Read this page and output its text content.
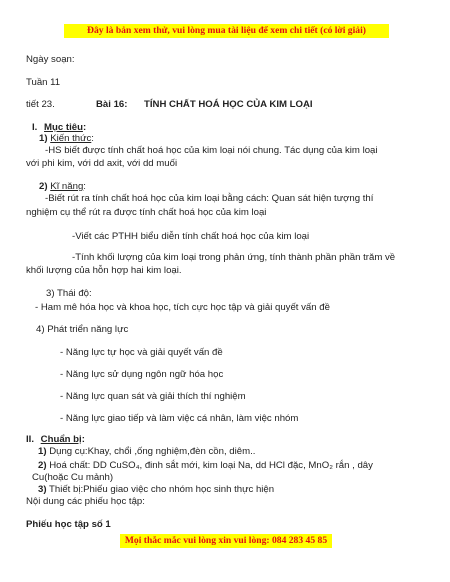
Đây là bản xem thử, vui lòng mua tài liệu để xem chi tiết (có lời giải)
Ngày soạn:
Tuần 11
tiết 23.	Bài 16: TÍNH CHẤT HOÁ HỌC CỦA KIM LOẠI
I. Mục tiêu:
1) Kiến thức:
-HS biết được tính chất hoá học của kim loại nói chung. Tác dụng của kim loại
với phi kim, với dd axit, với dd muối
2) Kĩ năng:
-Biết rút ra tính chất hoá học của kim loại bằng cách: Quan sát hiện tượng thí
nghiệm cụ thể rút ra được tính chất hoá học của kim loại
-Viết các PTHH biểu diễn tính chất hoá học của kim loại
-Tính khối lượng của kim loại trong phản ứng, tính thành phần phần trăm về
khối lượng của hỗn hợp hai kim loại.
3) Thái độ:
- Ham mê hóa học và khoa học, tích cực học tập và giải quyết vấn đề
4) Phát triển năng lực
- Năng lực tự học và giải quyết vấn đề
- Năng lực sử dụng ngôn ngữ hóa học
- Năng lực quan sát và giải thích thí nghiệm
- Năng lực giao tiếp và làm việc cá nhân, làm việc nhóm
II. Chuẩn bị:
1) Dụng cụ:Khay, chổi ,ống nghiệm,đèn cồn, diêm..
2) Hoá chất: DD CuSO₄, đinh sắt mới, kim loại Na, dd HCl đặc, MnO₂ rắn , dây
Cu(hoặc Cu mảnh)
3) Thiết bị:Phiếu giao việc cho nhóm học sinh thực hiện
Nội dung các phiếu học tập:
Phiếu học tập số 1
Mọi thắc mắc vui lòng xin vui lòng: 084 283 45 85
